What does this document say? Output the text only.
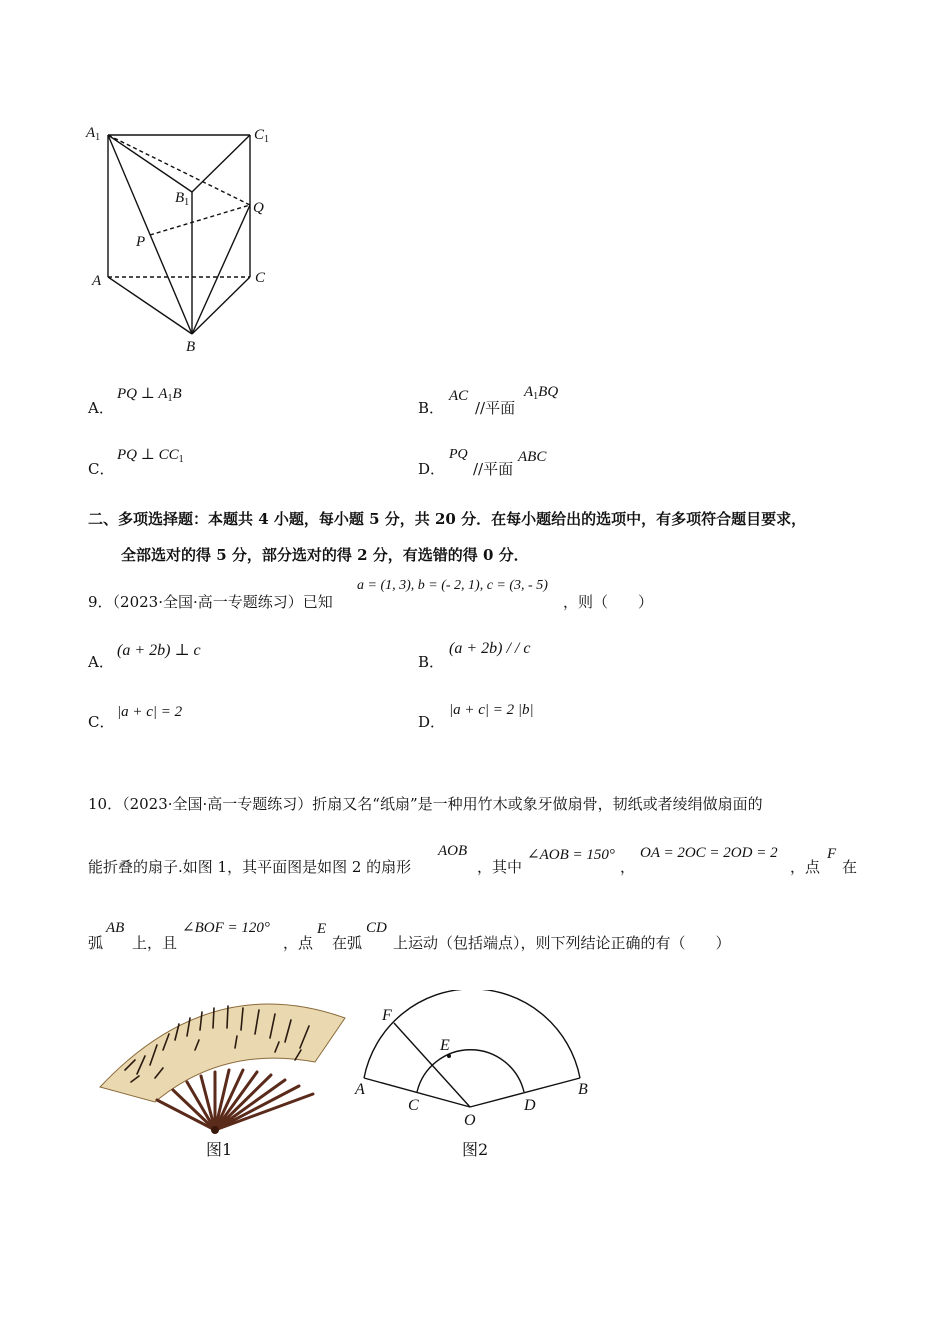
$A_1$	$C_1$
$B_1$	Q
P
A	C
B
A．
PQ ⊥ $A_1B$
B．
AC
//平面
$A_1BQ$
C．
PQ ⊥ $CC_1$
D．
PQ
//平面
ABC
二、多项选择题：本题共 4 小题，每小题 5 分，共 20 分．在每小题给出的选项中，有多项符合题目要求，
全部选对的得 5 分，部分选对的得 2 分，有选错的得 0 分．
9．（2023·全国·高一专题练习）已知
a = (1, 3), b = (- 2, 1), c = (3, - 5)
，则（　　）
A．
(a + 2b) ⊥ c
B．
(a + 2b) / / c
C．
|a + c| = 2
D．
|a + c| = 2 |b|
10．（2023·全国·高一专题练习）折扇又名“纸扇”是一种用竹木或象牙做扇骨，韧纸或者绫绢做扇面的
能折叠的扇子.如图 1，其平面图是如图 2 的扇形
AOB
，其中
∠AOB = 150°
，
OA = 2OC = 2OD = 2
，点
F
在
弧
AB
上，且
∠BOF = 120°
，点
E
在弧
CD
上运动（包括端点），则下列结论正确的有（　　）
图1
F
E
A
C
O
D
B
图2
